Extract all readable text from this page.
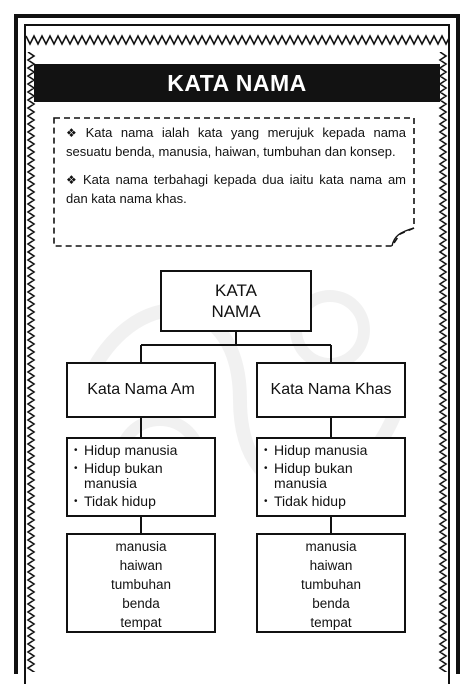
KATA NAMA

❖ Kata nama ialah kata yang merujuk kepada nama sesuatu benda, manusia, haiwan, tumbuhan dan konsep.

❖ Kata nama terbahagi kepada dua iaitu kata nama am dan kata nama khas.

KATA
NAMA
Kata Nama Am
• Hidup manusia
• Hidup bukan manusia
• Tidak hidup
manusia
haiwan
tumbuhan
benda
tempat
Kata Nama Khas
• Hidup manusia
• Hidup bukan manusia
• Tidak hidup
manusia
haiwan
tumbuhan
benda
tempat
